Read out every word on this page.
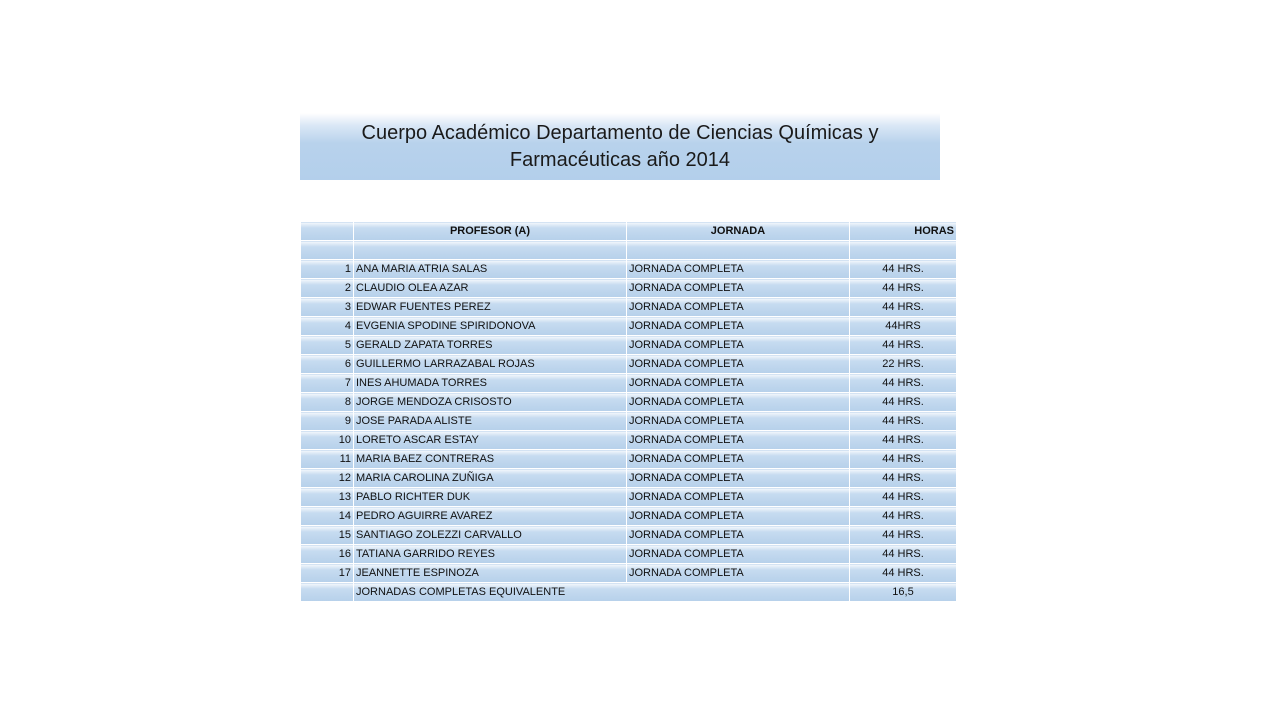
Cuerpo Académico Departamento de Ciencias Químicas y
Farmacéuticas año 2014
	PROFESOR (A)	JORNADA	HORAS

1	ANA MARIA ATRIA SALAS	JORNADA COMPLETA	44 HRS.
2	CLAUDIO OLEA AZAR	JORNADA COMPLETA	44 HRS.
3	EDWAR FUENTES PEREZ	JORNADA COMPLETA	44 HRS.
4	EVGENIA SPODINE SPIRIDONOVA	JORNADA COMPLETA	44HRS
5	GERALD ZAPATA TORRES	JORNADA COMPLETA	44 HRS.
6	GUILLERMO LARRAZABAL ROJAS	JORNADA COMPLETA	22 HRS.
7	INES AHUMADA TORRES	JORNADA COMPLETA	44 HRS.
8	JORGE MENDOZA CRISOSTO	JORNADA COMPLETA	44 HRS.
9	JOSE PARADA ALISTE	JORNADA COMPLETA	44 HRS.
10	LORETO ASCAR ESTAY	JORNADA COMPLETA	44 HRS.
11	MARIA BAEZ CONTRERAS	JORNADA COMPLETA	44 HRS.
12	MARIA CAROLINA ZUÑIGA	JORNADA COMPLETA	44 HRS.
13	PABLO RICHTER DUK	JORNADA COMPLETA	44 HRS.
14	PEDRO AGUIRRE AVAREZ	JORNADA COMPLETA	44 HRS.
15	SANTIAGO ZOLEZZI CARVALLO	JORNADA COMPLETA	44 HRS.
16	TATIANA GARRIDO REYES	JORNADA COMPLETA	44 HRS.
17	JEANNETTE ESPINOZA	JORNADA COMPLETA	44 HRS.
	JORNADAS COMPLETAS EQUIVALENTE		16,5
